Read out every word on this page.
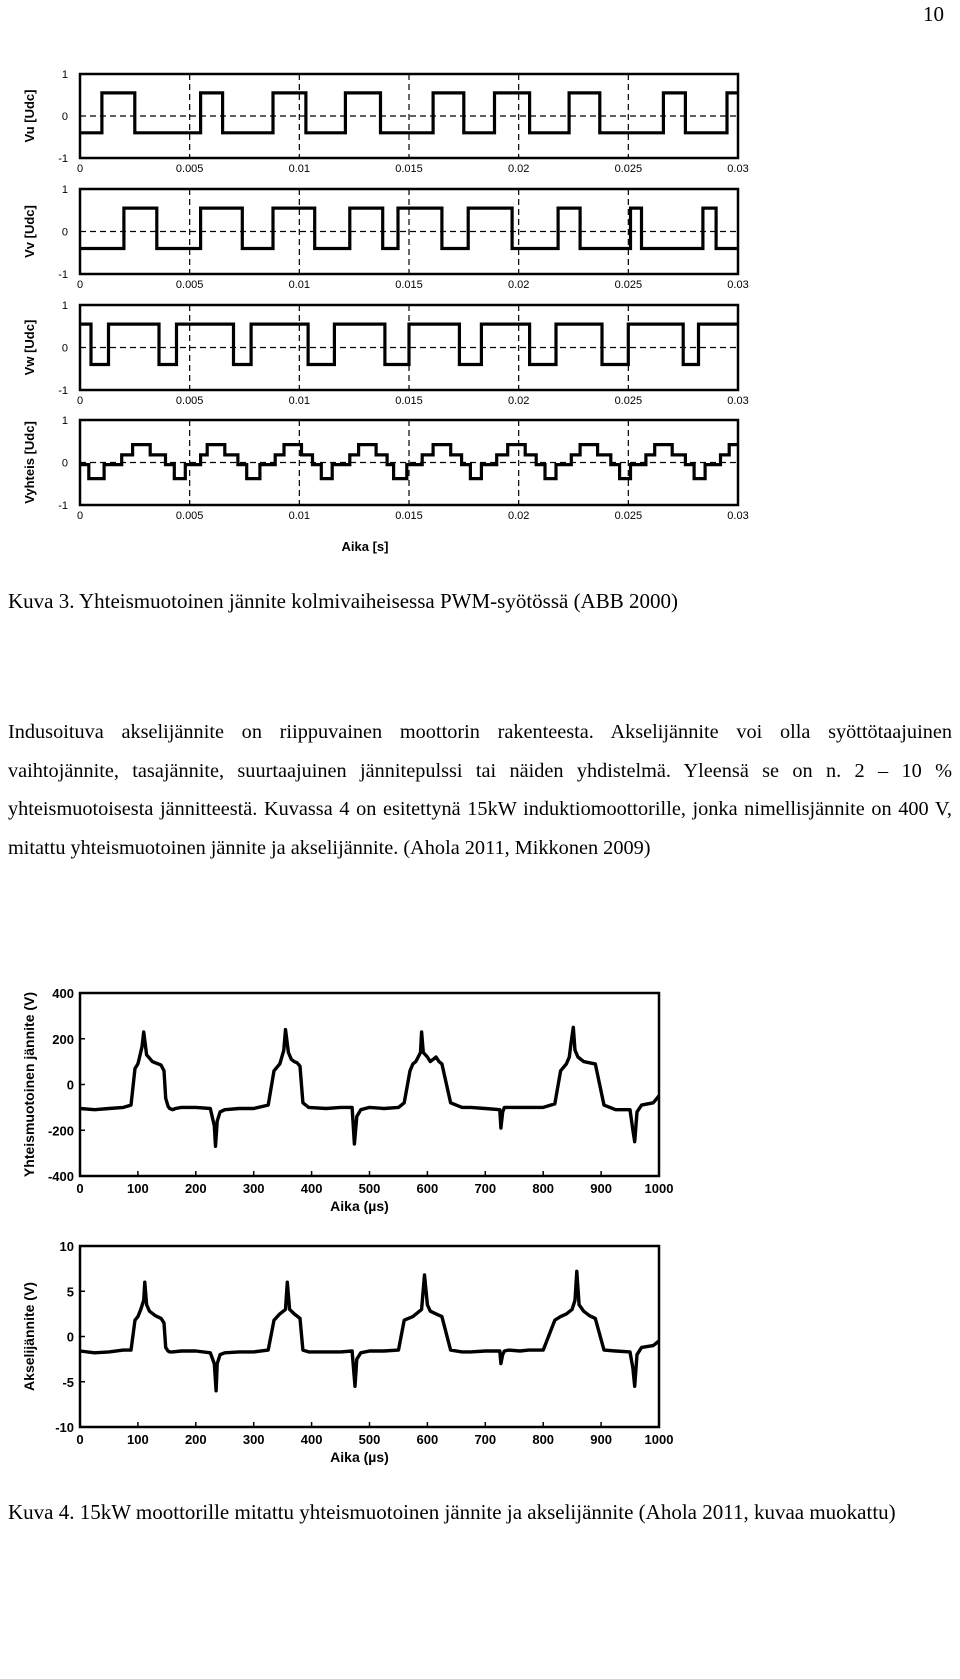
10
0	0.005	0.01	0.015	0.02	0.025	0.03
1
0
-1
Vu [Udc]
0	0.005	0.01	0.015	0.02	0.025	0.03
1
0
-1
Vv [Udc]
0	0.005	0.01	0.015	0.02	0.025	0.03
1
0
-1
Vw [Udc]
0	0.005	0.01	0.015	0.02	0.025	0.03
1
0
-1
Vyhteis [Udc]
Aika [s]
Kuva 3. Yhteismuotoinen jännite kolmivaiheisessa PWM-syötössä (ABB 2000)

Indusoituva akselijännite on riippuvainen moottorin rakenteesta. Akselijännite voi olla syöttötaajuinen vaihtojännite, tasajännite, suurtaajuinen jännitepulssi tai näiden yhdistelmä. Yleensä se on n. 2 – 10 % yhteismuotoisesta jännitteestä. Kuvassa 4 on esitettynä 15kW induktiomoottorille, jonka nimellisjännite on 400 V, mitattu yhteismuotoinen jännite ja akselijännite. (Ahola 2011, Mikkonen 2009)

0	100	200	300	400	500	600	700	800	900	1000
400
200
0
-200
-400
Yhteismuotoinen jännite (V)
Aika (µs)
0	100	200	300	400	500	600	700	800	900	1000
10
5
0
-5
-10
Akselijännite (V)
Aika (µs)
Kuva 4. 15kW moottorille mitattu yhteismuotoinen jännite ja akselijännite (Ahola 2011, kuvaa muokattu)
